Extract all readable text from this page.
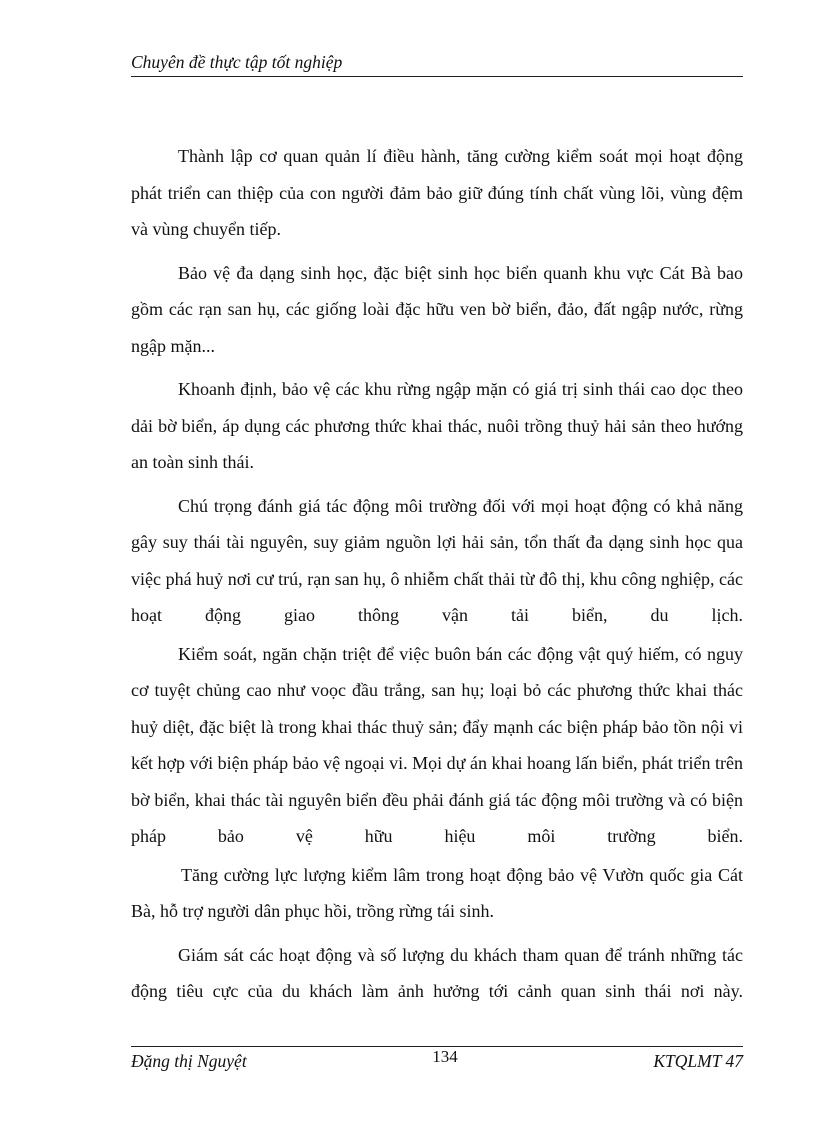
Chuyên đề thực tập tốt nghiệp

Thành lập cơ quan quản lí điều hành, tăng cường kiểm soát mọi hoạt động phát triển can thiệp của con người đảm bảo giữ đúng tính chất vùng lõi, vùng đệm và vùng chuyển tiếp.

Bảo vệ đa dạng sinh học, đặc biệt sinh học biển quanh khu vực Cát Bà bao gồm các rạn san hụ, các giống loài đặc hữu ven bờ biển, đảo, đất ngập nước, rừng ngập mặn...

Khoanh định, bảo vệ các khu rừng ngập mặn có giá trị sinh thái cao dọc theo dải bờ biển, áp dụng các phương thức khai thác, nuôi trồng thuỷ hải sản theo hướng an toàn sinh thái.

Chú trọng đánh giá tác động môi trường đối với mọi hoạt động có khả năng gây suy thái tài nguyên, suy giảm nguồn lợi hải sản, tổn thất đa dạng sinh học qua việc phá huỷ nơi cư trú, rạn san hụ, ô nhiễm chất thải từ đô thị, khu công nghiệp, các hoạt động giao thông vận tải biển, du lịch.

Kiểm soát, ngăn chặn triệt để việc buôn bán các động vật quý hiếm, có nguy cơ tuyệt chủng cao như voọc đầu trắng, san hụ; loại bỏ các phương thức khai thác huỷ diệt, đặc biệt là trong khai thác thuỷ sản; đẩy mạnh các biện pháp bảo tồn nội vi kết hợp với biện pháp bảo vệ ngoại vi. Mọi dự án khai hoang lấn biển, phát triển trên bờ biển, khai thác tài nguyên biển đều phải đánh giá tác động môi trường và có biện pháp bảo vệ hữu hiệu môi trường biển.

Tăng cường lực lượng kiểm lâm trong hoạt động bảo vệ Vườn quốc gia Cát Bà, hỗ trợ người dân phục hồi, trồng rừng tái sinh.

Giám sát các hoạt động và số lượng du khách tham quan để tránh những tác động tiêu cực của du khách làm ảnh hưởng tới cảnh quan sinh thái nơi này.

Đặng thị Nguyệt	134	KTQLMT 47
